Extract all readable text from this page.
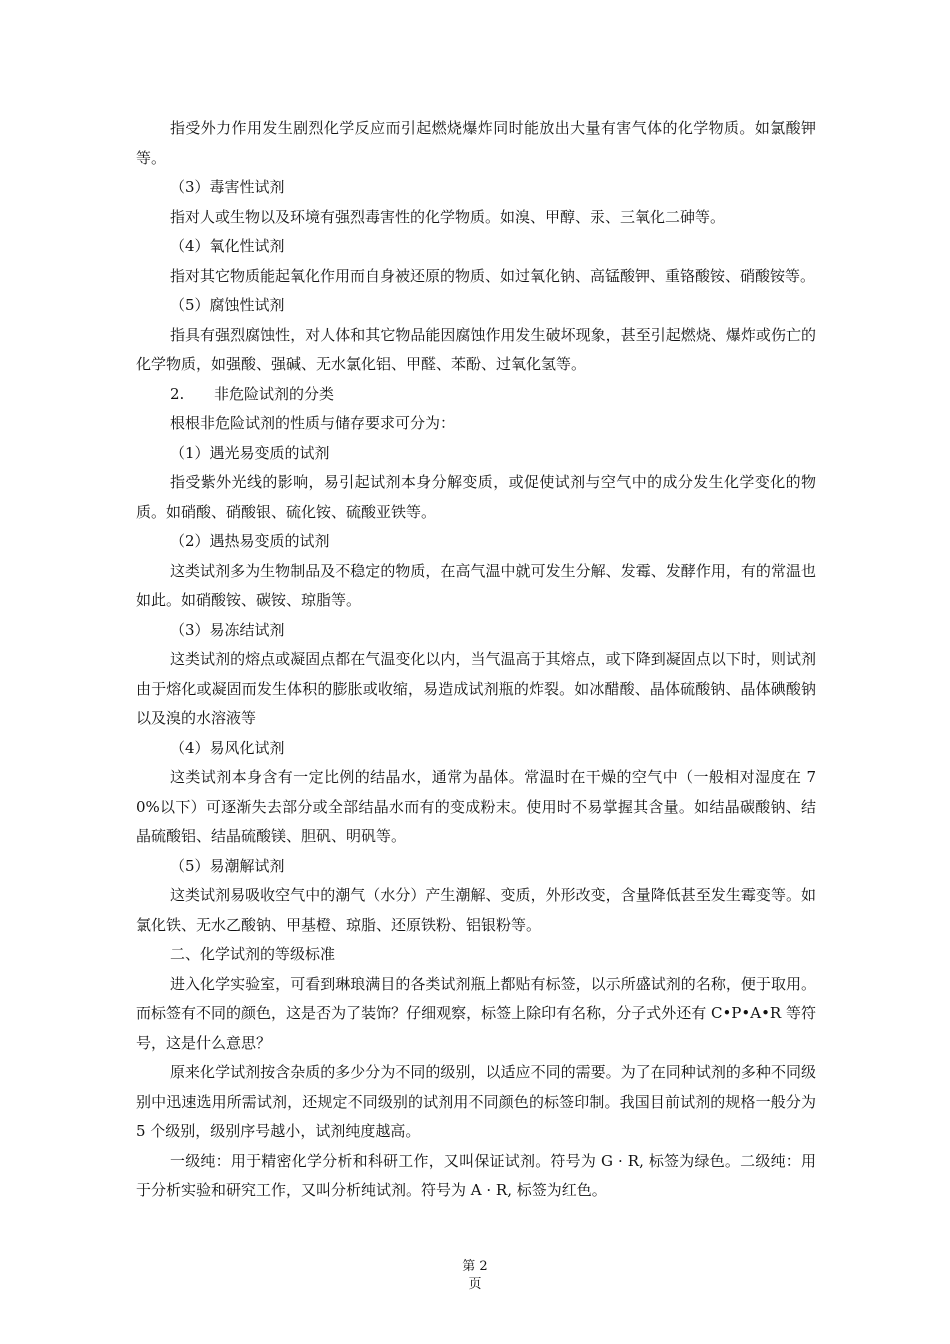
指受外力作用发生剧烈化学反应而引起燃烧爆炸同时能放出大量有害气体的化学物质。如氯酸钾等。

（3）毒害性试剂

指对人或生物以及环境有强烈毒害性的化学物质。如溴、甲醇、汞、三氧化二砷等。

（4）氧化性试剂

指对其它物质能起氧化作用而自身被还原的物质、如过氧化钠、高锰酸钾、重铬酸铵、硝酸铵等。

（5）腐蚀性试剂

指具有强烈腐蚀性，对人体和其它物品能因腐蚀作用发生破坏现象，甚至引起燃烧、爆炸或伤亡的化学物质，如强酸、强碱、无水氯化铝、甲醛、苯酚、过氧化氢等。

2. 非危险试剂的分类

根根非危险试剂的性质与储存要求可分为：

（1）遇光易变质的试剂

指受紫外光线的影响，易引起试剂本身分解变质，或促使试剂与空气中的成分发生化学变化的物质。如硝酸、硝酸银、硫化铵、硫酸亚铁等。

（2）遇热易变质的试剂

这类试剂多为生物制品及不稳定的物质，在高气温中就可发生分解、发霉、发酵作用，有的常温也如此。如硝酸铵、碳铵、琼脂等。

（3）易冻结试剂

这类试剂的熔点或凝固点都在气温变化以内，当气温高于其熔点，或下降到凝固点以下时，则试剂由于熔化或凝固而发生体积的膨胀或收缩，易造成试剂瓶的炸裂。如冰醋酸、晶体硫酸钠、晶体碘酸钠以及溴的水溶液等

（4）易风化试剂

这类试剂本身含有一定比例的结晶水，通常为晶体。常温时在干燥的空气中（一般相对湿度在 70%以下）可逐渐失去部分或全部结晶水而有的变成粉末。使用时不易掌握其含量。如结晶碳酸钠、结晶硫酸铝、结晶硫酸镁、胆矾、明矾等。

（5）易潮解试剂

这类试剂易吸收空气中的潮气（水分）产生潮解、变质，外形改变，含量降低甚至发生霉变等。如氯化铁、无水乙酸钠、甲基橙、琼脂、还原铁粉、铝银粉等。

二、化学试剂的等级标准

进入化学实验室，可看到琳琅满目的各类试剂瓶上都贴有标签，以示所盛试剂的名称，便于取用。而标签有不同的颜色，这是否为了装饰？仔细观察，标签上除印有名称，分子式外还有 C•P•A•R 等符号，这是什么意思？

原来化学试剂按含杂质的多少分为不同的级别，以适应不同的需要。为了在同种试剂的多种不同级别中迅速选用所需试剂，还规定不同级别的试剂用不同颜色的标签印制。我国目前试剂的规格一般分为 5 个级别，级别序号越小，试剂纯度越高。

一级纯：用于精密化学分析和科研工作，又叫保证试剂。符号为 G · R, 标签为绿色。二级纯：用于分析实验和研究工作，又叫分析纯试剂。符号为 A · R, 标签为红色。

第 2
页
